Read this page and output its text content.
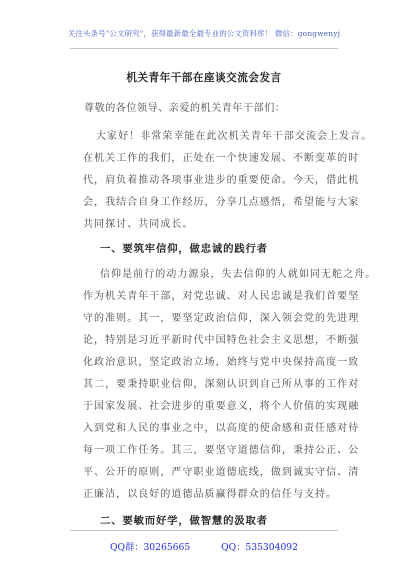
关注头条号"公文研究"，获得最新最全最专业的公文资料库！ 微信：gongwenyj
机关青年干部在座谈交流会发言
尊敬的各位领导、亲爱的机关青年干部们：
大家好！非常荣幸能在此次机关青年干部交流会上发言。
在机关工作的我们，正处在一个快速发展、不断变革的时
代，肩负着推动各项事业进步的重要使命。今天，借此机
会，我结合自身工作经历，分享几点感悟，希望能与大家
共同探讨、共同成长。
一、要筑牢信仰，做忠诚的践行者
信仰是前行的动力源泉，失去信仰的人就如同无舵之舟。
作为机关青年干部，对党忠诚、对人民忠诚是我们首要坚
守的准则。其一，要坚定政治信仰，深入领会党的先进理
论，特别是习近平新时代中国特色社会主义思想，不断强
化政治意识，坚定政治立场，始终与党中央保持高度一致
其二，要秉持职业信仰，深刻认识到自己所从事的工作对
于国家发展、社会进步的重要意义，将个人价值的实现融
入到党和人民的事业之中，以高度的使命感和责任感对待
每一项工作任务。其三，要坚守道德信仰，秉持公正、公
平、公开的原则，严守职业道德底线，做到诚实守信、清
正廉洁，以良好的道德品质赢得群众的信任与支持。
二、要敏而好学，做智慧的汲取者
QQ群：30265665	QQ：535304092
